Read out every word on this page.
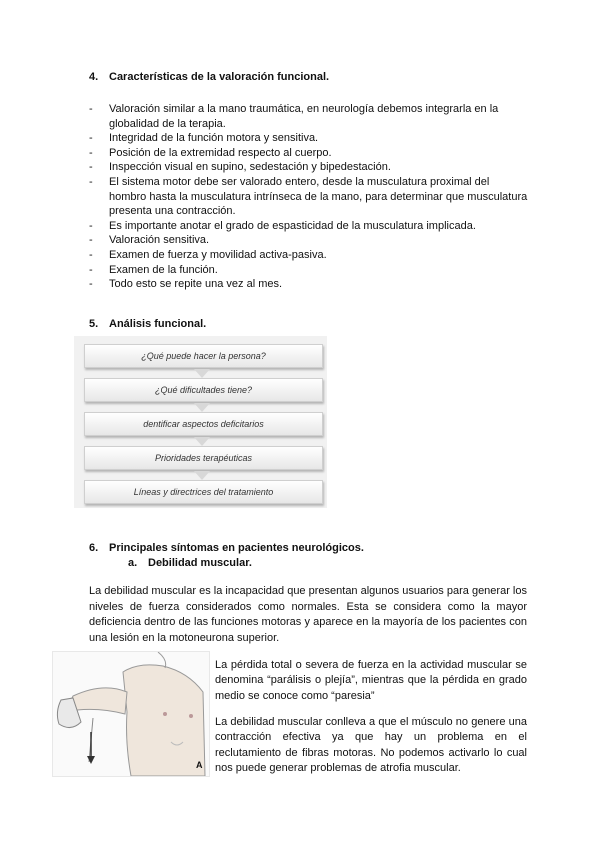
4. Características de la valoración funcional.
- Valoración similar a la mano traumática, en neurología debemos integrarla en la globalidad de la terapia.
- Integridad de la función motora y sensitiva.
- Posición de la extremidad respecto al cuerpo.
- Inspección visual en supino, sedestación y bipedestación.
- El sistema motor debe ser valorado entero, desde la musculatura proximal del hombro hasta la musculatura intrínseca de la mano, para determinar que musculatura presenta una contracción.
- Es importante anotar el grado de espasticidad de la musculatura implicada.
- Valoración sensitiva.
- Examen de fuerza y movilidad activa-pasiva.
- Examen de la función.
- Todo esto se repite una vez al mes.
5. Análisis funcional.
¿Qué puede hacer la persona?
¿Qué dificultades tiene?
dentificar aspectos deficitarios
Prioridades terapéuticas
Líneas y directrices del tratamiento
6. Principales síntomas en pacientes neurológicos.
a. Debilidad muscular.
La debilidad muscular es la incapacidad que presentan algunos usuarios para generar los niveles de fuerza considerados como normales. Esta se considera como la mayor deficiencia dentro de las funciones motoras y aparece en la mayoría de los pacientes con una lesión en la motoneurona superior.
A
La pérdida total o severa de fuerza en la actividad muscular se denomina “parálisis o plejía”, mientras que la pérdida en grado medio se conoce como “paresia”
La debilidad muscular conlleva a que el músculo no genere una contracción efectiva ya que hay un problema en el reclutamiento de fibras motoras. No podemos activarlo lo cual nos puede generar problemas de atrofia muscular.
